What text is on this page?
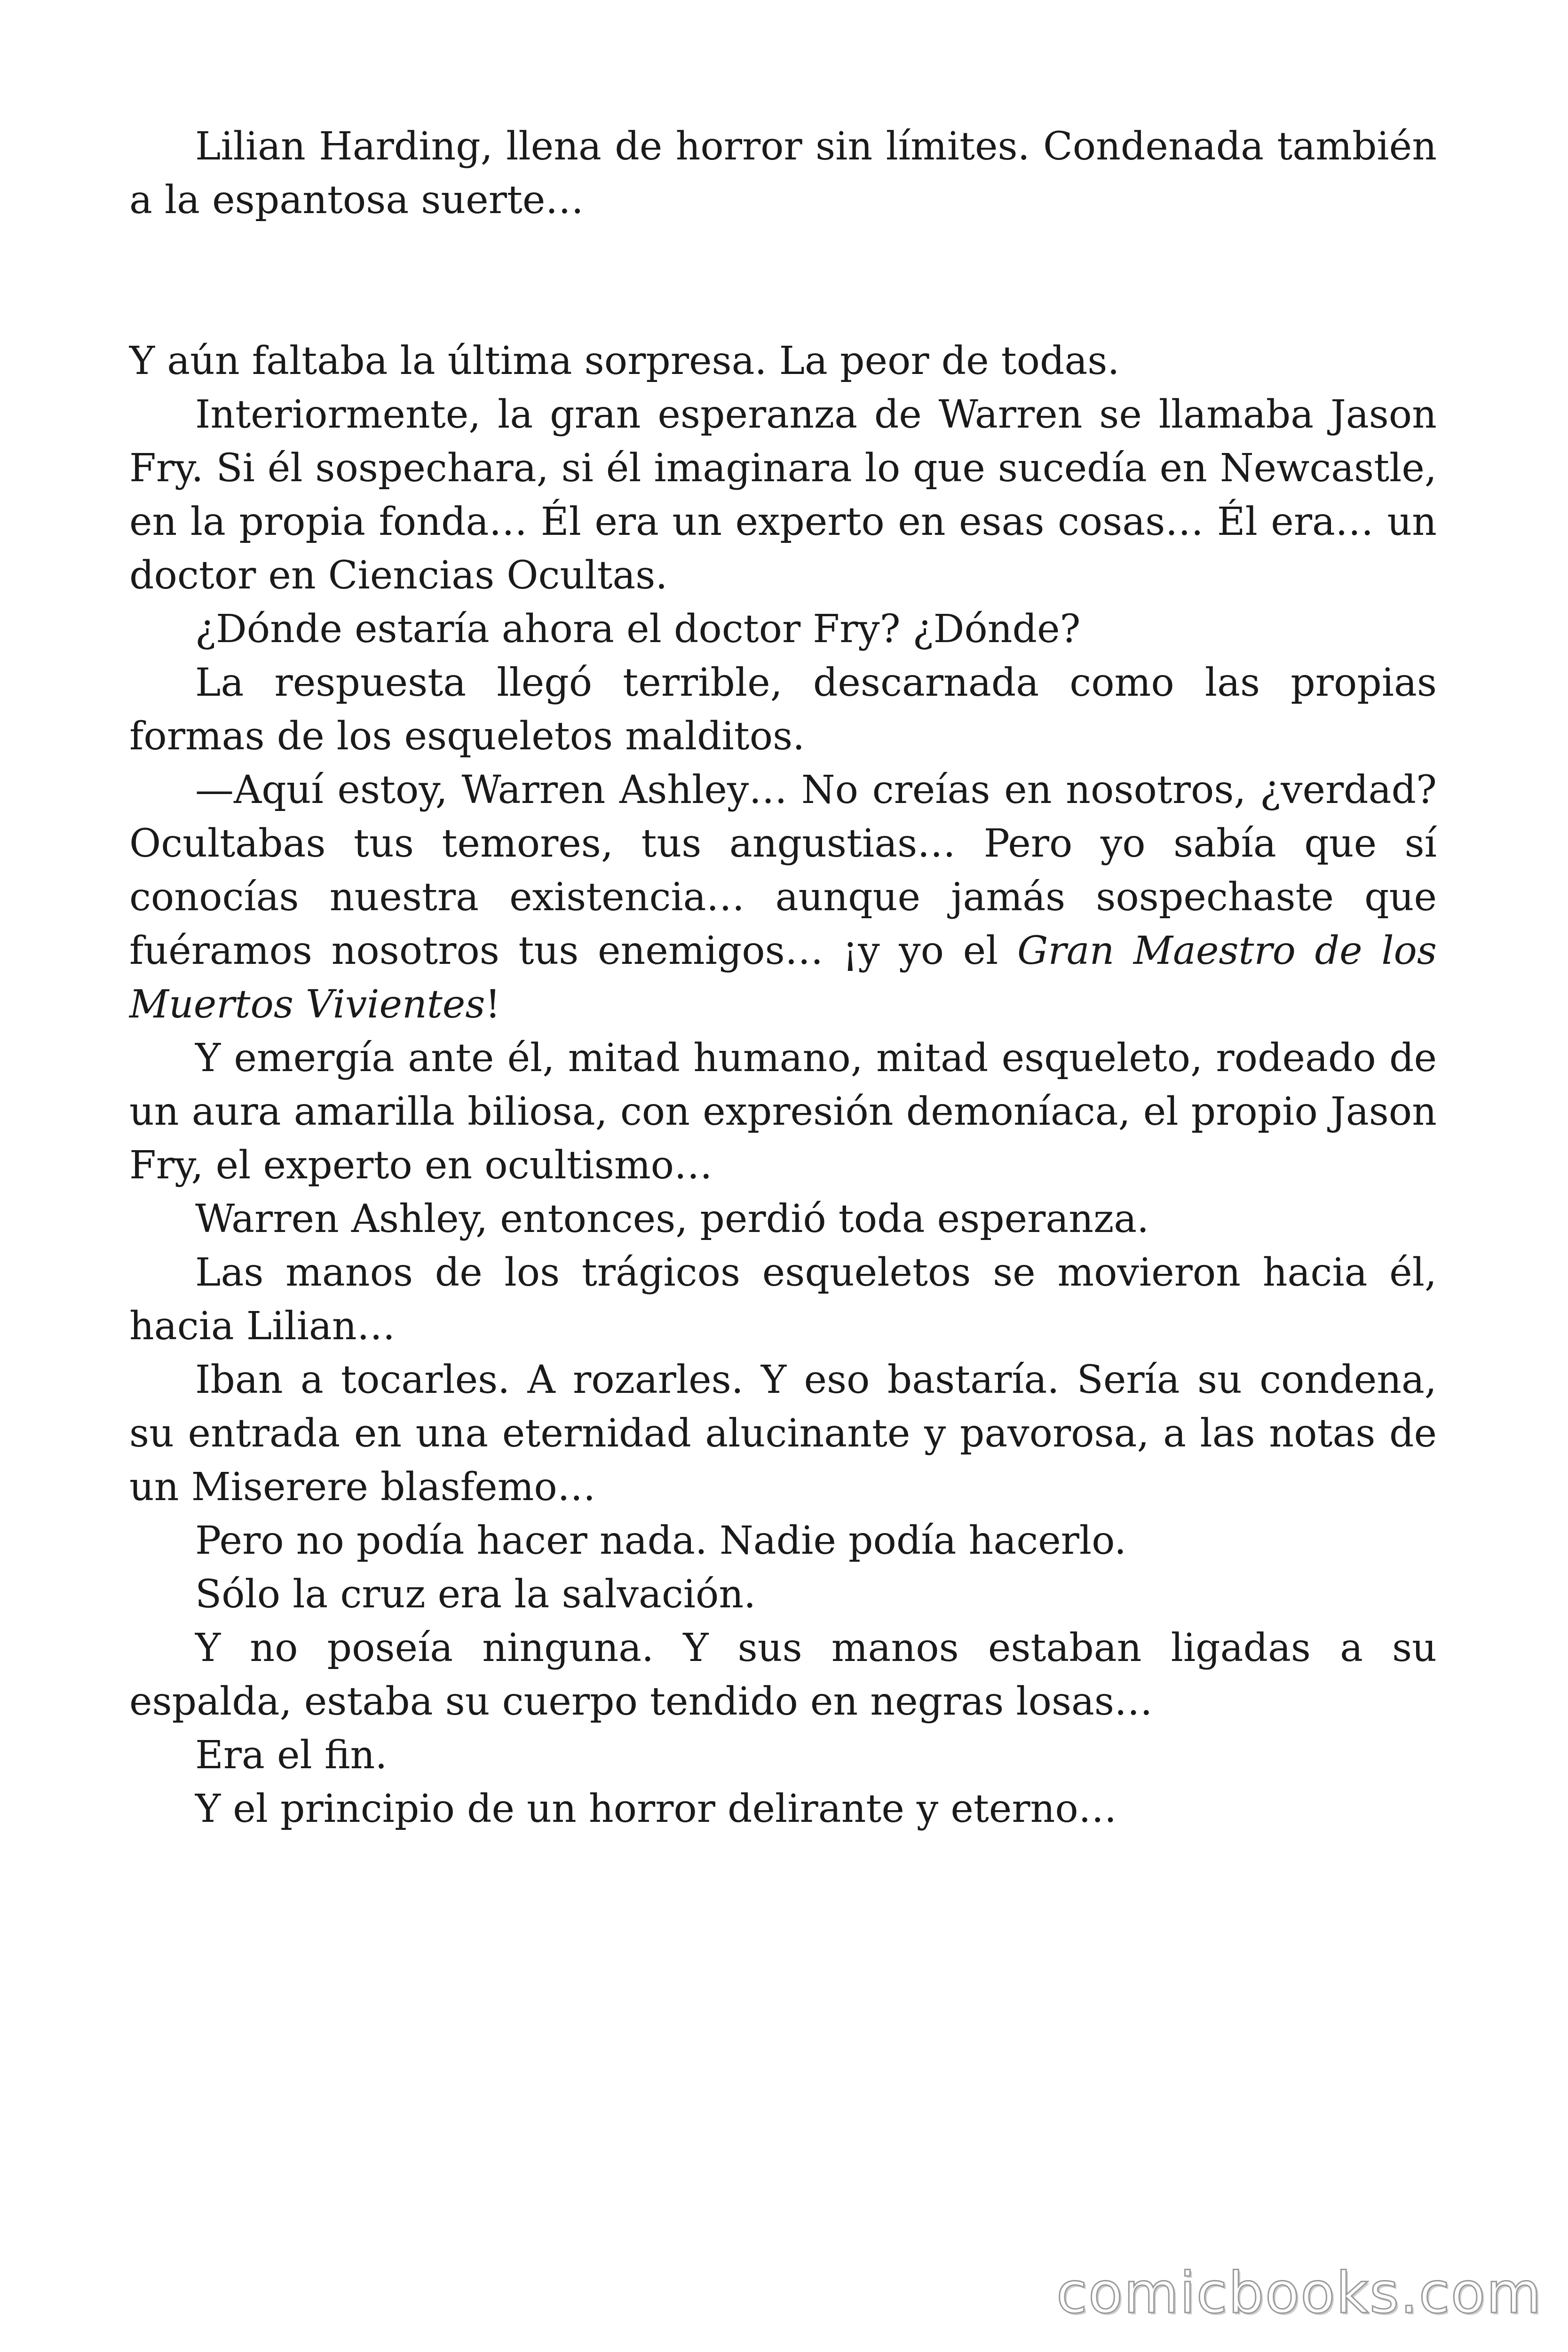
Lilian Harding, llena de horror sin límites. Condenada también a la espantosa suerte…

Y aún faltaba la última sorpresa. La peor de todas.

Interiormente, la gran esperanza de Warren se llamaba Jason Fry. Si él sospechara, si él imaginara lo que sucedía en Newcastle, en la propia fonda… Él era un experto en esas cosas… Él era… un doctor en Ciencias Ocultas.

¿Dónde estaría ahora el doctor Fry? ¿Dónde?

La respuesta llegó terrible, descarnada como las propias formas de los esqueletos malditos.

—Aquí estoy, Warren Ashley… No creías en nosotros, ¿verdad? Ocultabas tus temores, tus angustias… Pero yo sabía que sí conocías nuestra existencia… aunque jamás sospechaste que fuéramos nosotros tus enemigos… ¡y yo el Gran Maestro de los Muertos Vivientes!

Y emergía ante él, mitad humano, mitad esqueleto, rodeado de un aura amarilla biliosa, con expresión demoníaca, el propio Jason Fry, el experto en ocultismo…

Warren Ashley, entonces, perdió toda esperanza.

Las manos de los trágicos esqueletos se movieron hacia él, hacia Lilian…

Iban a tocarles. A rozarles. Y eso bastaría. Sería su condena, su entrada en una eternidad alucinante y pavorosa, a las notas de un Miserere blasfemo…

Pero no podía hacer nada. Nadie podía hacerlo.

Sólo la cruz era la salvación.

Y no poseía ninguna. Y sus manos estaban ligadas a su espalda, estaba su cuerpo tendido en negras losas…

Era el fin.

Y el principio de un horror delirante y eterno…

comicbooks.com
